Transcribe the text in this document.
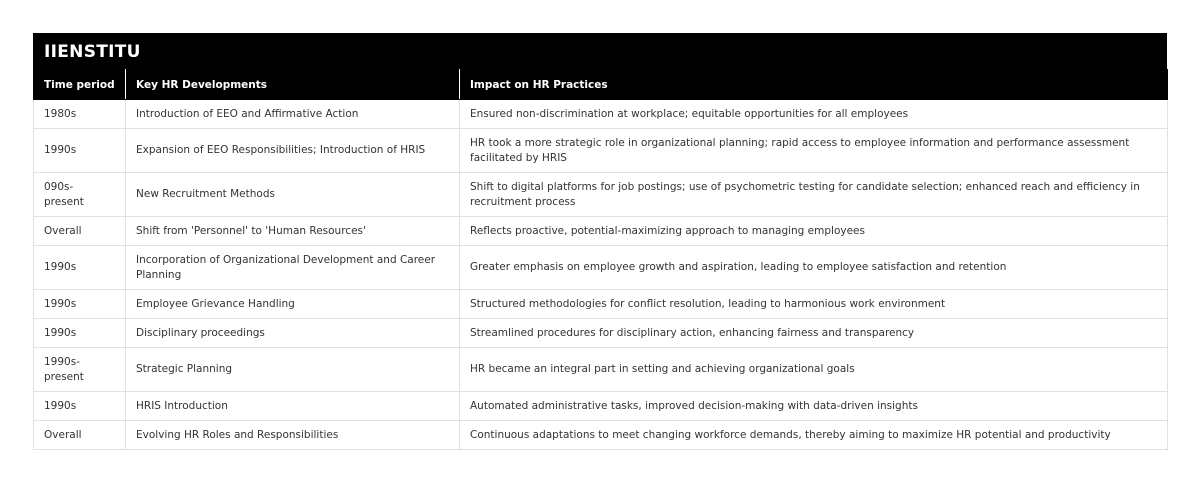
IIENSTITU
Time period	Key HR Developments	Impact on HR Practices
1980s	Introduction of EEO and Affirmative Action	Ensured non-discrimination at workplace; equitable opportunities for all employees
1990s	Expansion of EEO Responsibilities; Introduction of HRIS	HR took a more strategic role in organizational planning; rapid access to employee information and performance assessment facilitated by HRIS
090s- present	New Recruitment Methods	Shift to digital platforms for job postings; use of psychometric testing for candidate selection; enhanced reach and efficiency in recruitment process
Overall	Shift from 'Personnel' to 'Human Resources'	Reflects proactive, potential-maximizing approach to managing employees
1990s	Incorporation of Organizational Development and Career Planning	Greater emphasis on employee growth and aspiration, leading to employee satisfaction and retention
1990s	Employee Grievance Handling	Structured methodologies for conflict resolution, leading to harmonious work environment
1990s	Disciplinary proceedings	Streamlined procedures for disciplinary action, enhancing fairness and transparency
1990s- present	Strategic Planning	HR became an integral part in setting and achieving organizational goals
1990s	HRIS Introduction	Automated administrative tasks, improved decision-making with data-driven insights
Overall	Evolving HR Roles and Responsibilities	Continuous adaptations to meet changing workforce demands, thereby aiming to maximize HR potential and productivity
